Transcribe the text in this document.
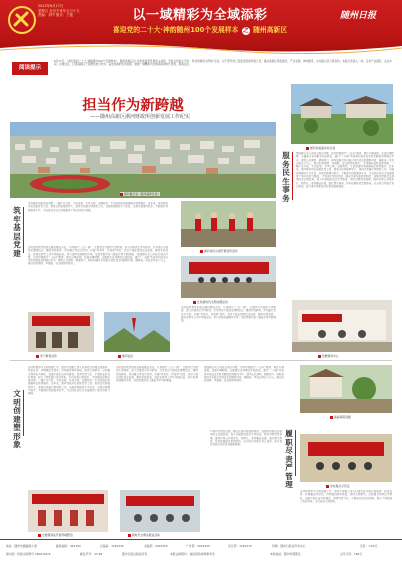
2022年6月17日
星期五 农历壬寅年五月十九
责编：刘中 版式：王艳	以一域精彩为全域添彩
喜迎党的二十大·神韵随州100个发展样本 之 随州高新区
随州日报
阅读提示
6月17日，“喜迎党的二十大 神韵随州100个发展样本”，随州高新区以“全市高质量发展的主战场、开放合作的主平台、科技创新的主阵地”定位，以干部作风之变促进营商环境之优，推动高新区项目建设、产业发展、城市建设、乡村振兴迈上新台阶。本报记者深入一线，走访产业园区、企业车间、村湾社区，记录高新区干部群众担当作为、奋发进取的生动实践，展现一域精彩为全域添彩的时代答卷，敬请关注。
担当作为新跨越
——随州高新区淅河财政所创新发展工作纪实
淅河镇全景（随州高新区供）
淅河村美丽乡村全景
服务民生事务
围绕群众关心的热点难点问题，该所积极推行“一站式”服务，简化办事流程，压缩办理时限。全面落实各项惠农补贴政策，通过“一卡通”系统将补贴资金及时足额发放到群众手中，做到公开透明、精准到户。同时加强对乡村振兴项目资金的跟踪问效，确保每一笔资金用在刀刃上，群众的获得感、幸福感、安全感持续提升。 走进随州高新区淅河镇，一幅产业兴旺、生态宜居、乡风文明、治理有效、生活富裕的美丽画卷正徐徐展开。近年来，淅河财政所在高新区党工委、管委会的坚强领导下，坚持以党建引领财政工作，以服务保障民生为宗旨，以规范管理为抓手，不断提升财政服务水平，为全区经济社会发展提供了坚实的财力保障。 严格执行财经纪律，健全完善内部控制制度，加强对财政资金使用的全过程监管。深入开展财政资金专项检查，规范村级财务管理，推动村务公开常态化、制度化。坚持廉洁自律，强化警示教育，筑牢拒腐防变思想防线，以实际行动践行初心使命，奋力谱写高新区高质量发展新篇章。
筑牢基层党建
走进随州高新区淅河镇，一幅产业兴旺、生态宜居、乡风文明、治理有效、生活富裕的美丽画卷正徐徐展开。近年来，淅河财政所在高新区党工委、管委会的坚强领导下，坚持以党建引领财政工作，以服务保障民生为宗旨，以规范管理为抓手，不断提升财政服务水平，为全区经济社会发展提供了坚实的财力保障。
该所始终把党的政治建设摆在首位，认真落实“三会一课”、主题党日等组织生活制度，深入开展党史学习教育，引导党员干部坚定理想信念、锤炼党性修养。所内建立党员示范岗，开展“亮身份、作表率”活动，党员干部在财政资金监管、惠民补贴发放、政府采购等工作中冲锋在前，切实发挥先锋模范作用，基层党组织战斗堡垒作用不断增强。 围绕群众关心的热点难点问题，该所积极推行“一站式”服务，简化办事流程，压缩办理时限。全面落实各项惠农补贴政策，通过“一卡通”系统将补贴资金及时足额发放到群众手中，做到公开透明、精准到户。同时加强对乡村振兴项目资金的跟踪问效，确保每一笔资金用在刀刃上，群众的获得感、幸福感、安全感持续提升。
淅河村民小组开展宣传活动
红色新时代文明实践活动
党群服务中心
学习教育活动	淅河社区
该所始终把党的政治建设摆在首位，认真落实“三会一课”、主题党日等组织生活制度，深入开展党史学习教育，引导党员干部坚定理想信念、锤炼党性修养。所内建立党员示范岗，开展“亮身份、作表率”活动，党员干部在财政资金监管、惠民补贴发放、政府采购等工作中冲锋在前，切实发挥先锋模范作用，基层党组织战斗堡垒作用不断增强。
文明创建塑形象
该所积极参与文明创建工作，组织干部职工深入村湾社区开展志愿服务、政策宣讲、环境整治等活动，持续推进移风易俗，倡导文明新风。以创建文明单位为契机，加强干部队伍作风建设，营造风清气正、干事创业的良好氛围，树立了财政部门良好形象，多次获得上级表彰。 走进随州高新区淅河镇，一幅产业兴旺、生态宜居、乡风文明、治理有效、生活富裕的美丽画卷正徐徐展开。近年来，淅河财政所在高新区党工委、管委会的坚强领导下，坚持以党建引领财政工作，以服务保障民生为宗旨，以规范管理为抓手，不断提升财政服务水平，为全区经济社会发展提供了坚实的财力保障。
该所始终把党的政治建设摆在首位，认真落实“三会一课”、主题党日等组织生活制度，深入开展党史学习教育，引导党员干部坚定理想信念、锤炼党性修养。所内建立党员示范岗，开展“亮身份、作表率”活动，党员干部在财政资金监管、惠民补贴发放、政府采购等工作中冲锋在前，切实发挥先锋模范作用，基层党组织战斗堡垒作用不断增强。
围绕群众关心的热点难点问题，该所积极推行“一站式”服务，简化办事流程，压缩办理时限。全面落实各项惠农补贴政策，通过“一卡通”系统将补贴资金及时足额发放到群众手中，做到公开透明、精准到户。同时加强对乡村振兴项目资金的跟踪问效，确保每一笔资金用在刀刃上，群众的获得感、幸福感、安全感持续提升。
履职尽责严管理
严格执行财经纪律，健全完善内部控制制度，加强对财政资金使用的全过程监管。深入开展财政资金专项检查，规范村级财务管理，推动村务公开常态化、制度化。坚持廉洁自律，强化警示教育，筑牢拒腐防变思想防线，以实际行动践行初心使命，奋力谱写高新区高质量发展新篇章。
美丽庭院创建
乡村振兴示范点
志愿服务队开展环境整治	新时代文明实践站活动
该所积极参与文明创建工作，组织干部职工深入村湾社区开展志愿服务、政策宣讲、环境整治等活动，持续推进移风易俗，倡导文明新风。以创建文明单位为契机，加强干部队伍作风建设，营造风清气正、干事创业的良好氛围，树立了财政部门良好形象，多次获得上级表彰。
地址：随州市擂鼓墩大道	邮政编码：441300	总编室：3222345	采编部：3222352	广告部：3222365	发行部：3222370	印刷：随州日报社印务中心	定价：1.00元
国内统一连续出版物号 CN42-0076	邮发代号：37-98	随州日报社版权所有	本报法律顾问：湖北楚韵律师事务所	本报地址：随州市曾都区	全年订价：180元
